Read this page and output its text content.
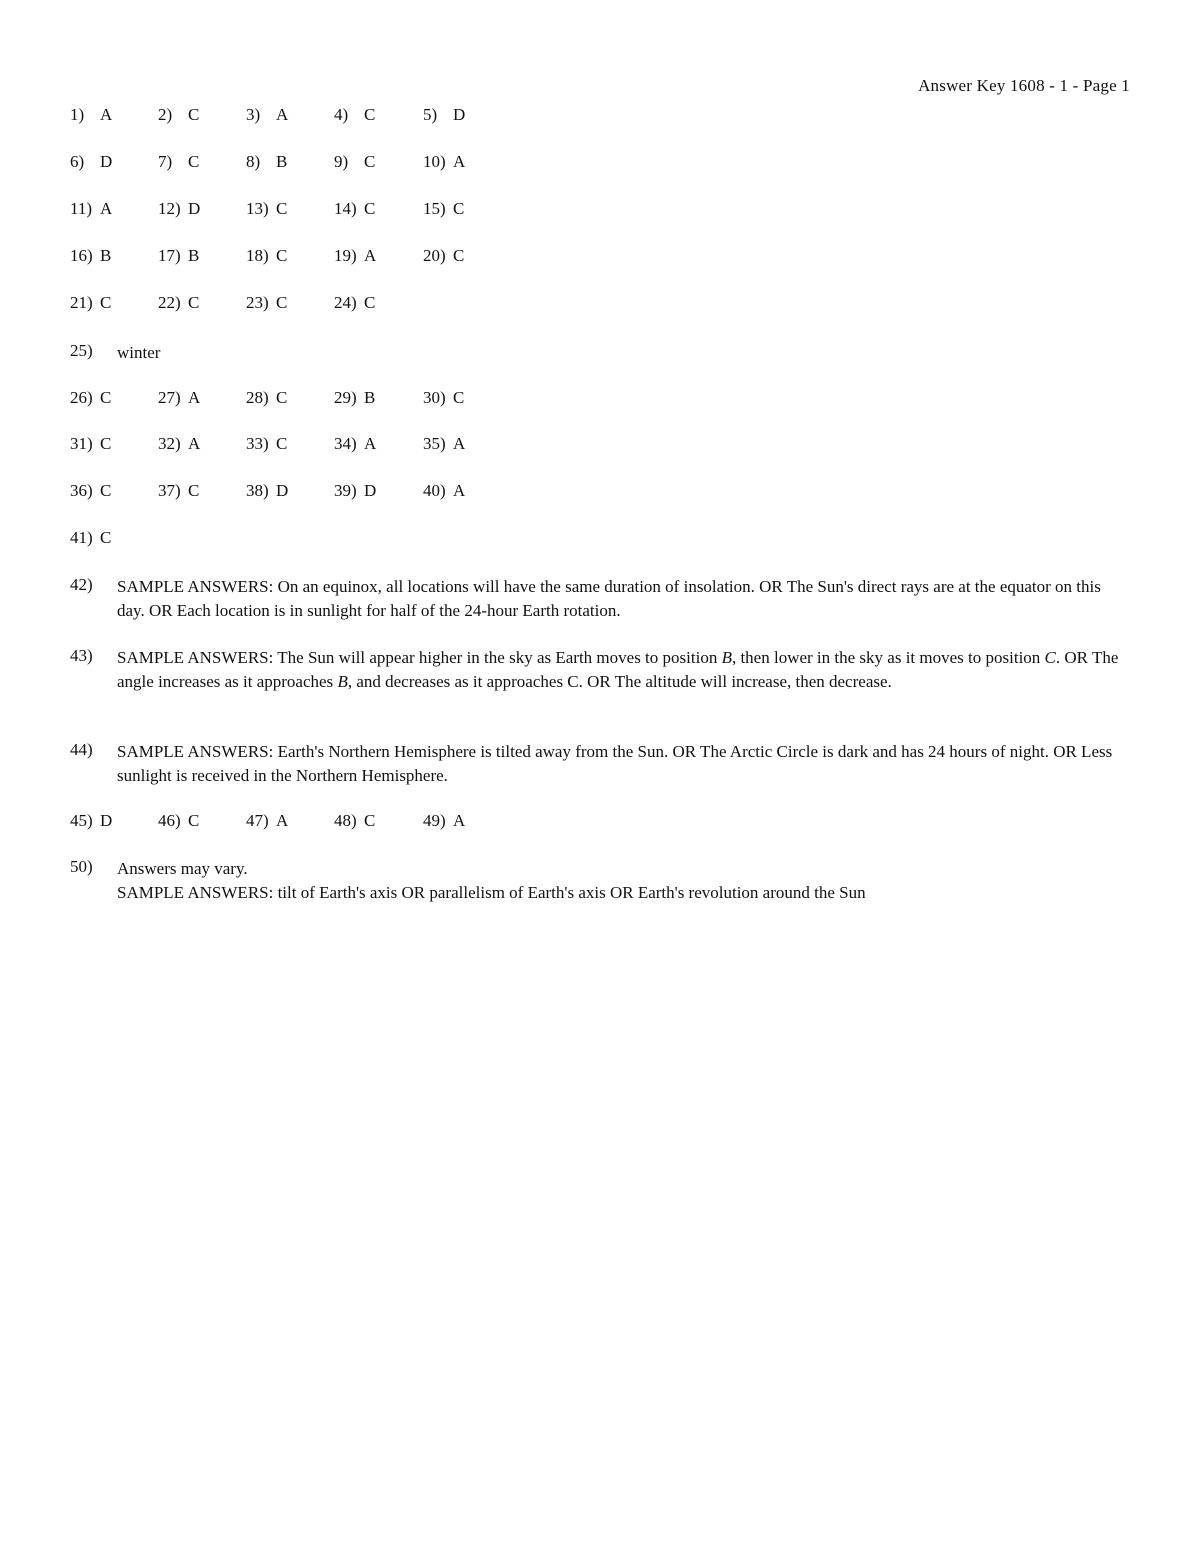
Answer Key 1608 - 1 - Page 1
1) A	2) C	3) A	4) C	5) D
6) D	7) C	8) B	9) C	10) A
11) A	12) D	13) C	14) C	15) C
16) B	17) B	18) C	19) A	20) C
21) C	22) C	23) C	24) C
25) winter

26) C	27) A	28) C	29) B	30) C
31) C	32) A	33) C	34) A	35) A
36) C	37) C	38) D	39) D	40) A
41) C
42) SAMPLE ANSWERS: On an equinox, all locations will have the same duration of insolation. OR The Sun's direct rays are at the equator on this day. OR Each location is in sunlight for half of the 24-hour Earth rotation.

43) SAMPLE ANSWERS: The Sun will appear higher in the sky as Earth moves to position B, then lower in the sky as it moves to position C. OR The angle increases as it approaches B, and decreases as it approaches C. OR The altitude will increase, then decrease.

44) SAMPLE ANSWERS: Earth's Northern Hemisphere is tilted away from the Sun. OR The Arctic Circle is dark and has 24 hours of night. OR Less sunlight is received in the Northern Hemisphere.

45) D	46) C	47) A	48) C	49) A
50) Answers may vary.

SAMPLE ANSWERS: tilt of Earth's axis OR parallelism of Earth's axis OR Earth's revolution around the Sun
